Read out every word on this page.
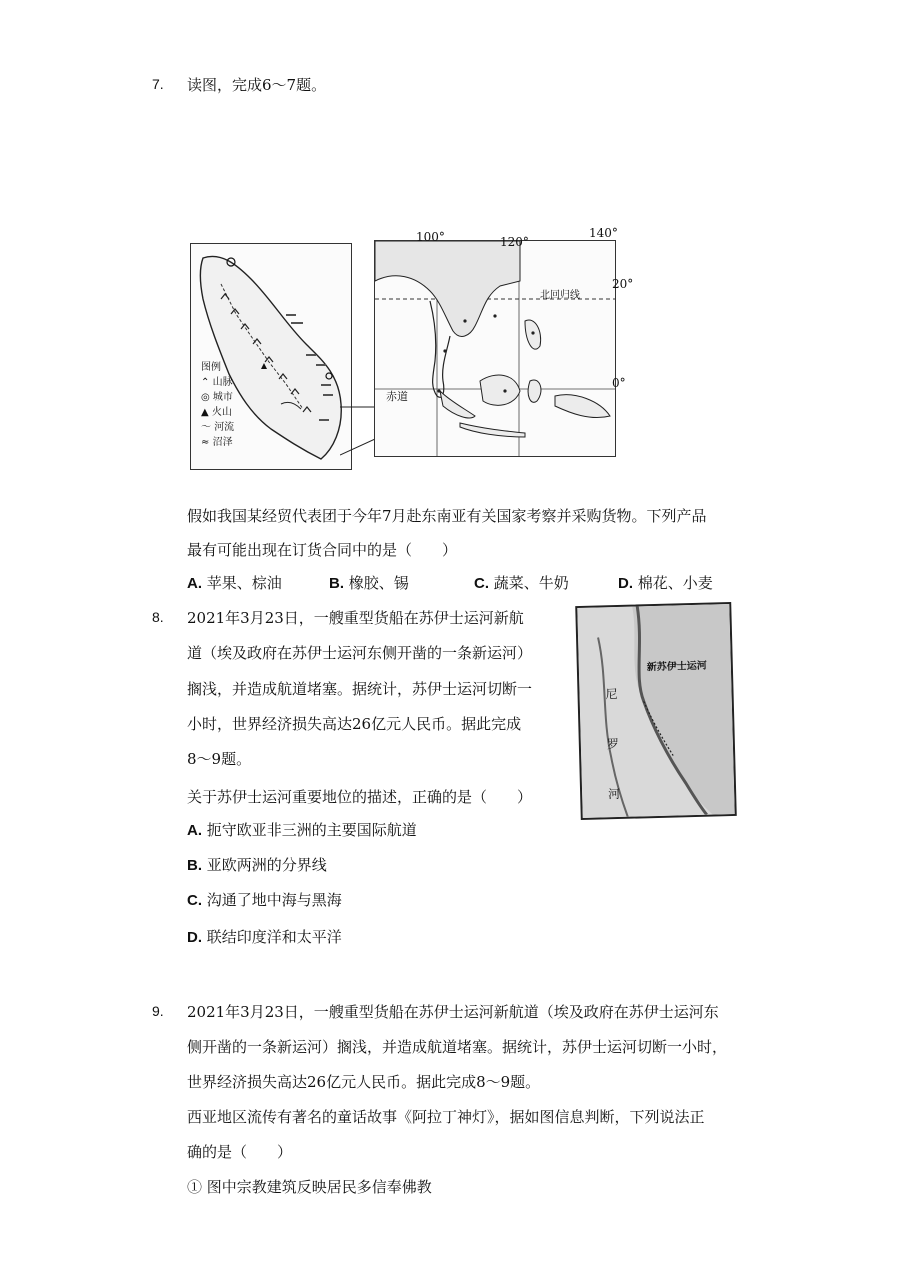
7. 读图，完成6～7题。
图例
⌃ 山脉
◎ 城市
▲ 火山
〜 河流
≈ 沼泽
100°	120°
140°
20°
0°
北回归线
赤道
假如我国某经贸代表团于今年7月赴东南亚有关国家考察并采购货物。下列产品
最有可能出现在订货合同中的是（　　）
A. 苹果、棕油	B. 橡胶、锡	C. 蔬菜、牛奶	D. 棉花、小麦
8. 2021年3月23日，一艘重型货船在苏伊士运河新航
道（埃及政府在苏伊士运河东侧开凿的一条新运河）
搁浅，并造成航道堵塞。据统计，苏伊士运河切断一
小时，世界经济损失高达26亿元人民币。据此完成
8～9题。
关于苏伊士运河重要地位的描述，正确的是（　　）
新苏伊士运河
尼
罗
河
A. 扼守欧亚非三洲的主要国际航道
B. 亚欧两洲的分界线
C. 沟通了地中海与黑海
D. 联结印度洋和太平洋
9. 2021年3月23日，一艘重型货船在苏伊士运河新航道（埃及政府在苏伊士运河东
侧开凿的一条新运河）搁浅，并造成航道堵塞。据统计，苏伊士运河切断一小时，
世界经济损失高达26亿元人民币。据此完成8～9题。
西亚地区流传有著名的童话故事《阿拉丁神灯》，据如图信息判断，下列说法正
确的是（　　）
① 图中宗教建筑反映居民多信奉佛教
